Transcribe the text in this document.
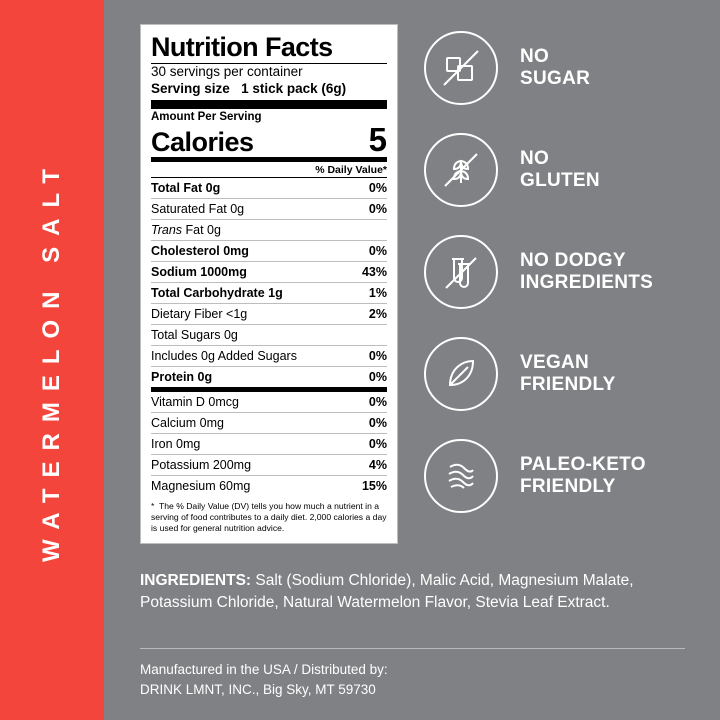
WATERMELON SALT
Nutrition Facts
30 servings per container
Serving size 1 stick pack (6g)
Amount Per Serving
Calories	5
% Daily Value*
Total Fat 0g	0%
Saturated Fat 0g	0%
Trans Fat 0g	
Cholesterol 0mg	0%
Sodium 1000mg	43%
Total Carbohydrate 1g	1%
Dietary Fiber <1g	2%
Total Sugars 0g	
Includes 0g Added Sugars	0%
Protein 0g	0%
Vitamin D 0mcg	0%
Calcium 0mg	0%
Iron 0mg	0%
Potassium 200mg	4%
Magnesium 60mg	15%
* The % Daily Value (DV) tells you how much a nutrient in a serving of food contributes to a daily diet. 2,000 calories a day is used for general nutrition advice.
NO
SUGAR
NO
GLUTEN
NO DODGY
INGREDIENTS
VEGAN
FRIENDLY
PALEO-KETO
FRIENDLY
INGREDIENTS: Salt (Sodium Chloride), Malic Acid, Magnesium Malate, Potassium Chloride, Natural Watermelon Flavor, Stevia Leaf Extract.
Manufactured in the USA / Distributed by:
DRINK LMNT, INC., Big Sky, MT 59730
